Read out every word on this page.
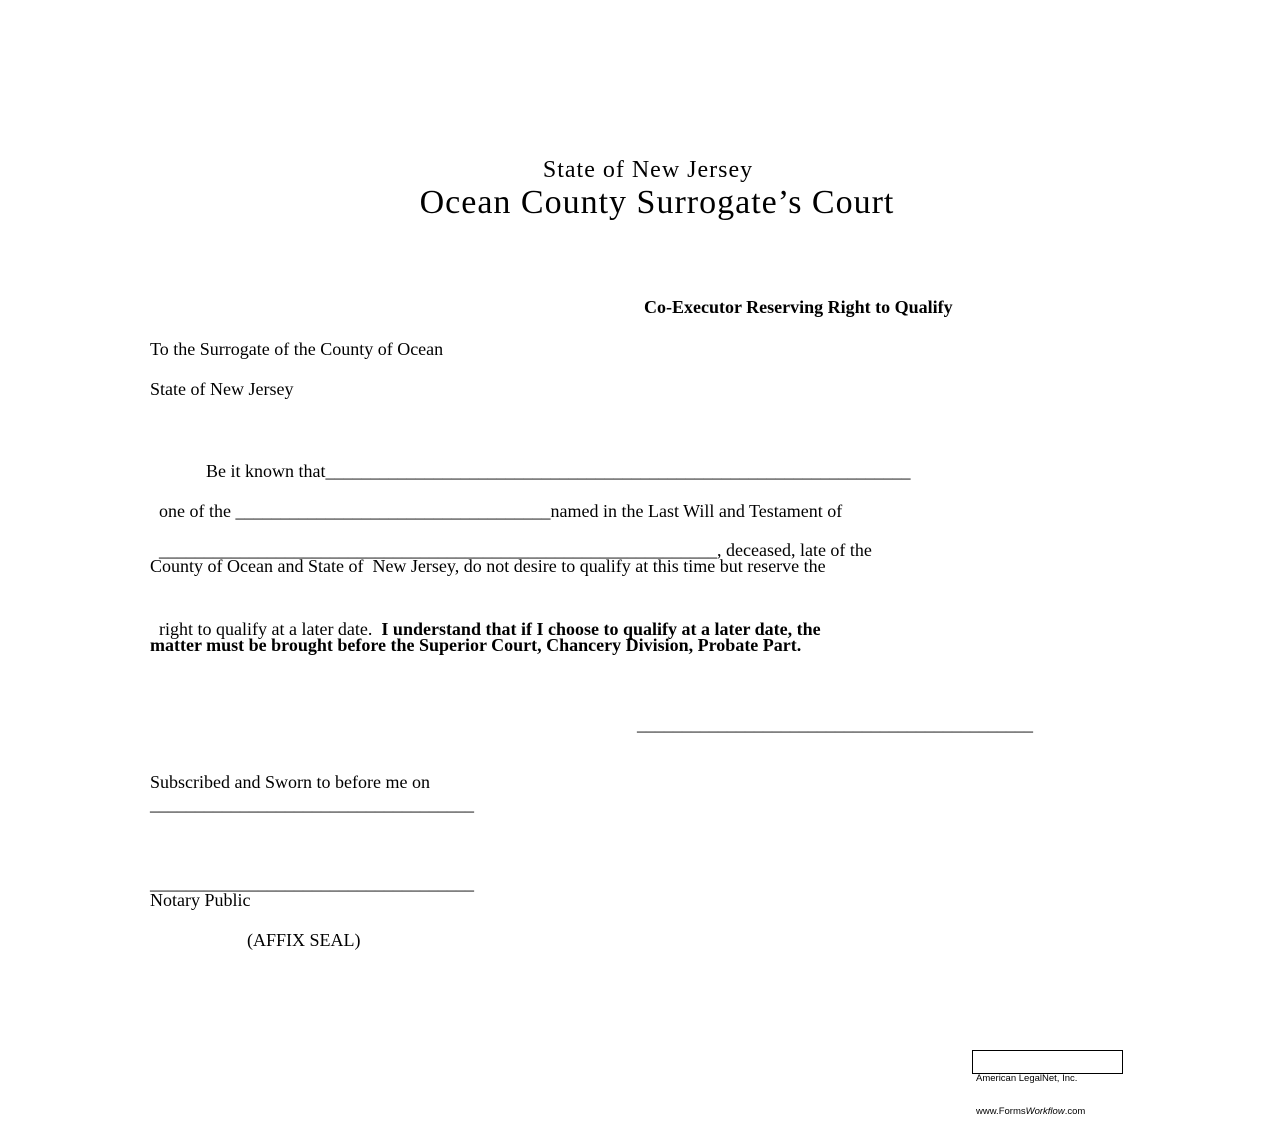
State of New Jersey
Ocean County Surrogate’s Court
Co-Executor Reserving Right to Qualify
To the Surrogate of the County of Ocean
State of New Jersey

Be it known that_________________________________________________________________

one of the ___________________________________named in the Last Will and Testament of

______________________________________________________________, deceased, late of the

County of Ocean and State of  New Jersey, do not desire to qualify at this time but reserve the

right to qualify at a later date.  I understand that if I choose to qualify at a later date, the

matter must be brought before the Superior Court, Chancery Division, Probate Part.
____________________________________________
Subscribed and Sworn to before me on
____________________________________
____________________________________
Notary Public
(AFFIX SEAL)

American LegalNet, Inc.

www.FormsWorkflow.com
